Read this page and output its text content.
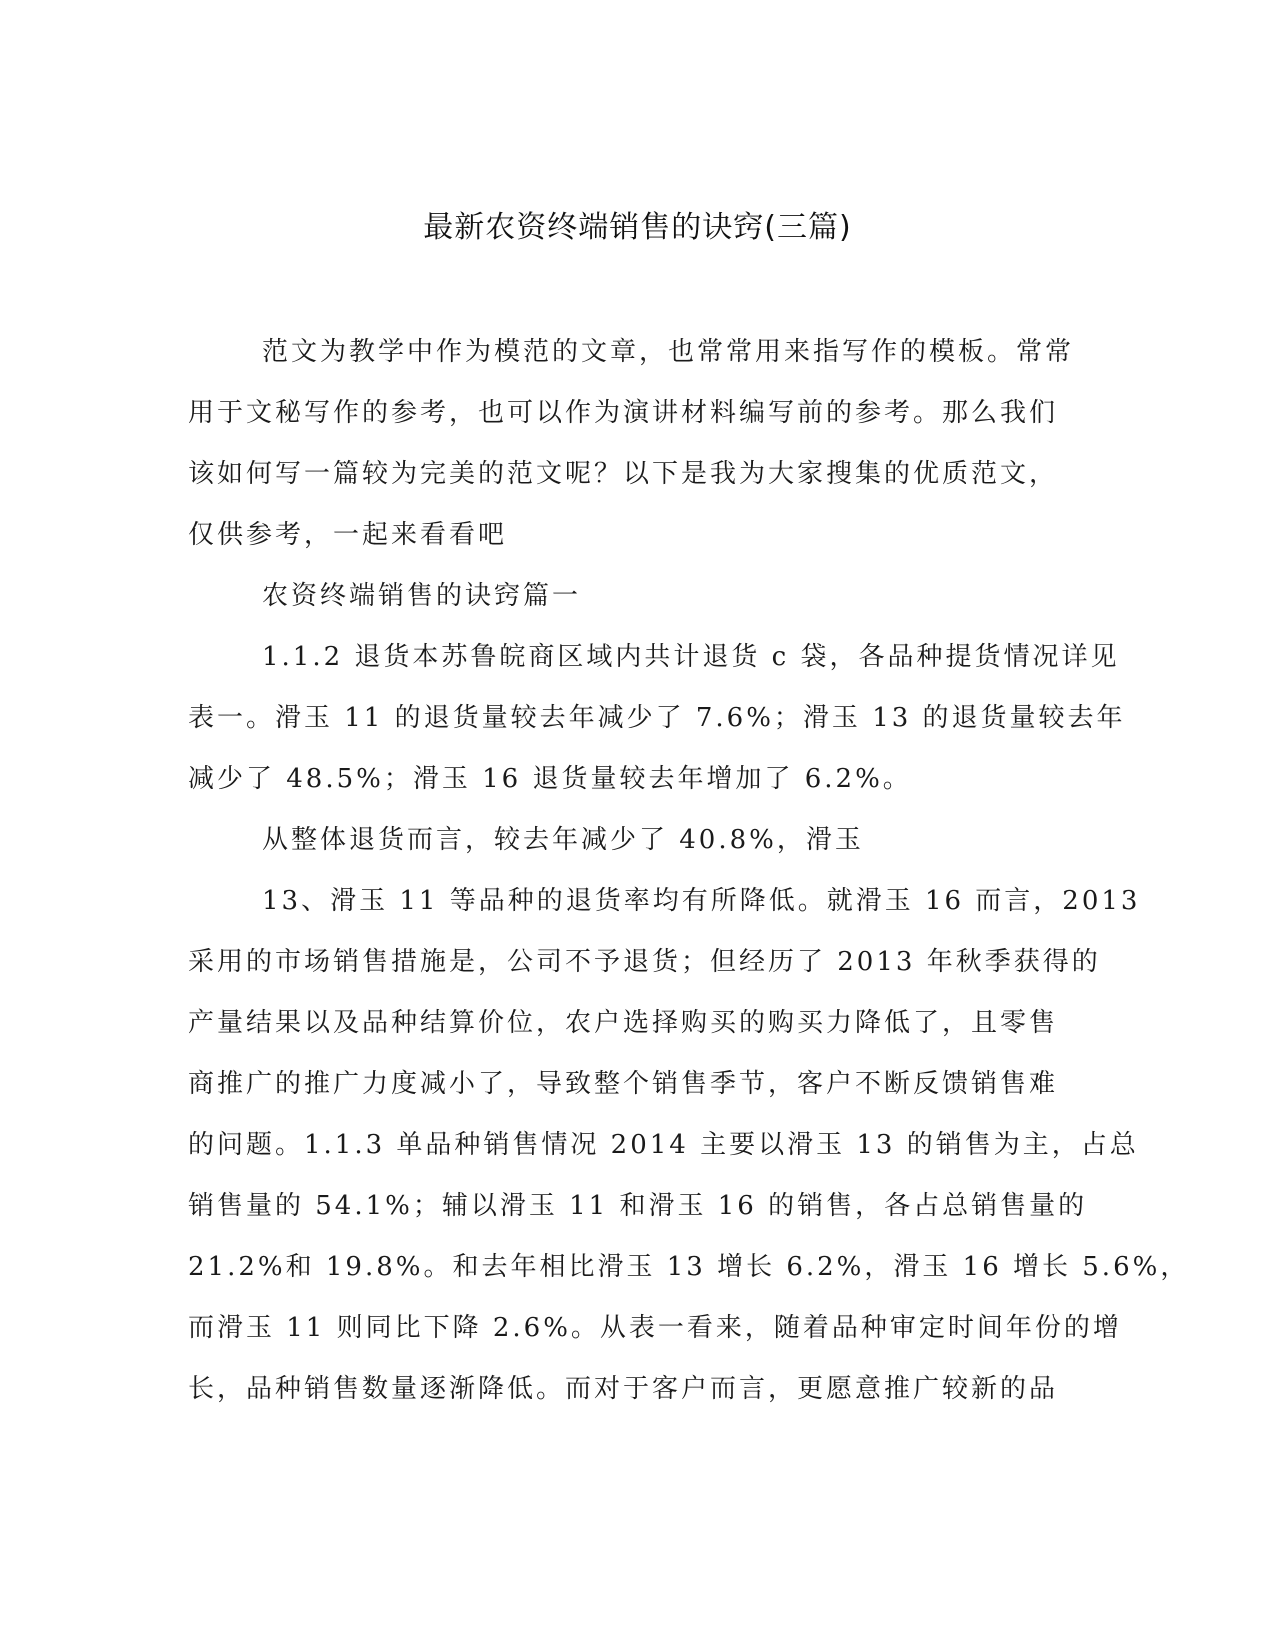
最新农资终端销售的诀窍(三篇)
范文为教学中作为模范的文章，也常常用来指写作的模板。常常
用于文秘写作的参考，也可以作为演讲材料编写前的参考。那么我们
该如何写一篇较为完美的范文呢？以下是我为大家搜集的优质范文，
仅供参考，一起来看看吧
农资终端销售的诀窍篇一
1.1.2 退货本苏鲁皖商区域内共计退货 c 袋，各品种提货情况详见
表一。滑玉 11 的退货量较去年减少了 7.6%；滑玉 13 的退货量较去年
减少了 48.5%；滑玉 16 退货量较去年增加了 6.2%。
从整体退货而言，较去年减少了 40.8%，滑玉
13、滑玉 11 等品种的退货率均有所降低。就滑玉 16 而言，2013
采用的市场销售措施是，公司不予退货；但经历了 2013 年秋季获得的
产量结果以及品种结算价位，农户选择购买的购买力降低了，且零售
商推广的推广力度减小了，导致整个销售季节，客户不断反馈销售难
的问题。1.1.3 单品种销售情况 2014 主要以滑玉 13 的销售为主，占总
销售量的 54.1%；辅以滑玉 11 和滑玉 16 的销售，各占总销售量的
21.2%和 19.8%。和去年相比滑玉 13 增长 6.2%，滑玉 16 增长 5.6%，
而滑玉 11 则同比下降 2.6%。从表一看来，随着品种审定时间年份的增
长，品种销售数量逐渐降低。而对于客户而言，更愿意推广较新的品
